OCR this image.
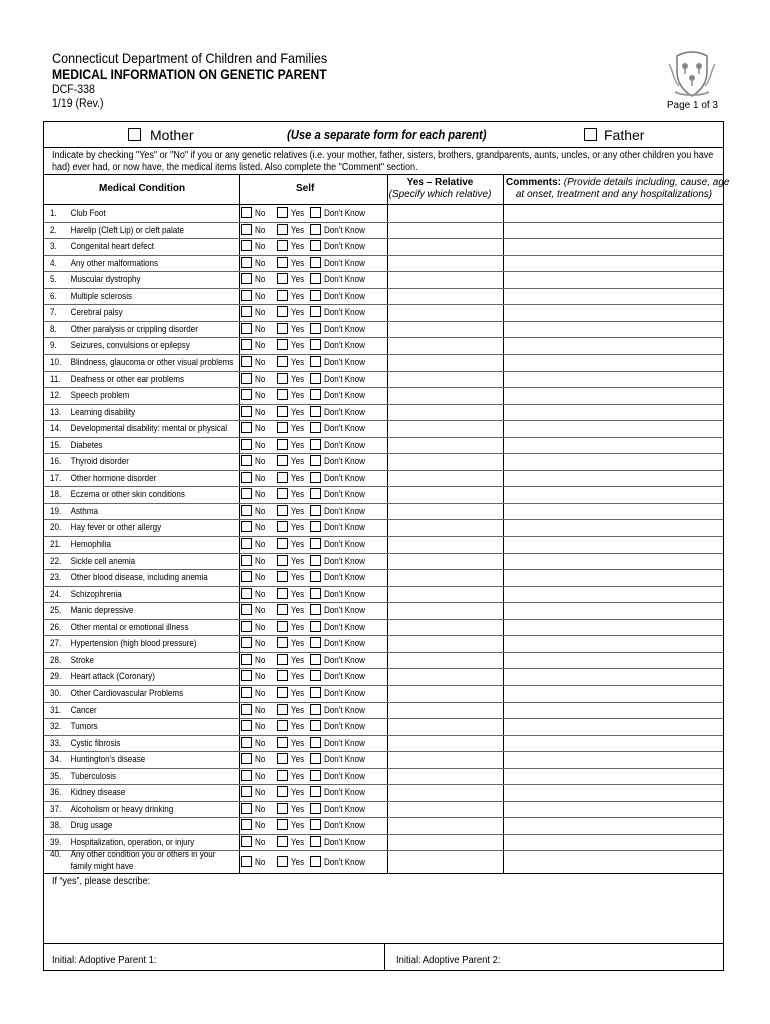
Connecticut Department of Children and Families
MEDICAL INFORMATION ON GENETIC PARENT
DCF-338
1/19 (Rev.)	Page 1 of 3
Mother	(Use a separate form for each parent)	Father
Indicate by checking "Yes" or "No" if you or any genetic relatives (i.e. your mother, father, sisters, brothers, grandparents, aunts, uncles, or any other children you have had) ever had, or now have, the medical items listed. Also complete the "Comment" section.
Medical Condition	Self
Yes – Relative
(Specify which relative)
Comments: (Provide details including, cause, age
at onset, treatment and any hospitalizations)
1. Club Foot	No	Yes Don't Know
2. Harelip (Cleft Lip) or cleft palate	No	Yes Don't Know
3. Congenital heart defect	No	Yes Don't Know
4. Any other malformations	No	Yes Don't Know
5. Muscular dystrophy	No	Yes Don't Know
6. Multiple sclerosis	No	Yes Don't Know
7. Cerebral palsy	No	Yes Don't Know
8. Other paralysis or crippling disorder	No	Yes Don't Know
9. Seizures, convulsions or epilepsy	No	Yes Don't Know
10. Blindness, glaucoma or other visual problems No	Yes Don't Know
11. Deafness or other ear problems	No	Yes Don't Know
12. Speech problem	No	Yes Don't Know
13. Learning disability	No	Yes Don't Know
14. Developmental disability: mental or physical	No	Yes Don't Know
15. Diabetes	No	Yes Don't Know
16. Thyroid disorder	No	Yes Don't Know
17. Other hormone disorder	No	Yes Don't Know
18. Eczema or other skin conditions	No	Yes Don't Know
19. Asthma	No	Yes Don't Know
20. Hay fever or other allergy	No	Yes Don't Know
21. Hemophilia	No	Yes Don't Know
22. Sickle cell anemia	No	Yes Don't Know
23. Other blood disease, including anemia	No	Yes Don't Know
24. Schizophrenia	No	Yes Don't Know
25. Manic depressive	No	Yes Don't Know
26. Other mental or emotional illness	No	Yes Don't Know
27. Hypertension (high blood pressure)	No	Yes Don't Know
28. Stroke	No	Yes Don't Know
29. Heart attack (Coronary)	No	Yes Don't Know
30. Other Cardiovascular Problems	No	Yes Don't Know
31. Cancer	No	Yes Don't Know
32. Tumors	No	Yes Don't Know
33. Cystic fibrosis	No	Yes Don't Know
34. Huntington's disease	No	Yes Don't Know
35. Tuberculosis	No	Yes Don't Know
36. Kidney disease	No	Yes Don't Know
37. Alcoholism or heavy drinking	No	Yes Don't Know
38. Drug usage	No	Yes Don't Know
39. Hospitalization, operation, or injury	No	Yes Don't Know
40. Any other condition you or others in your
family might have	No	Yes Don't Know
If “yes”, please describe:
Initial: Adoptive Parent 1:	Initial: Adoptive Parent 2:
